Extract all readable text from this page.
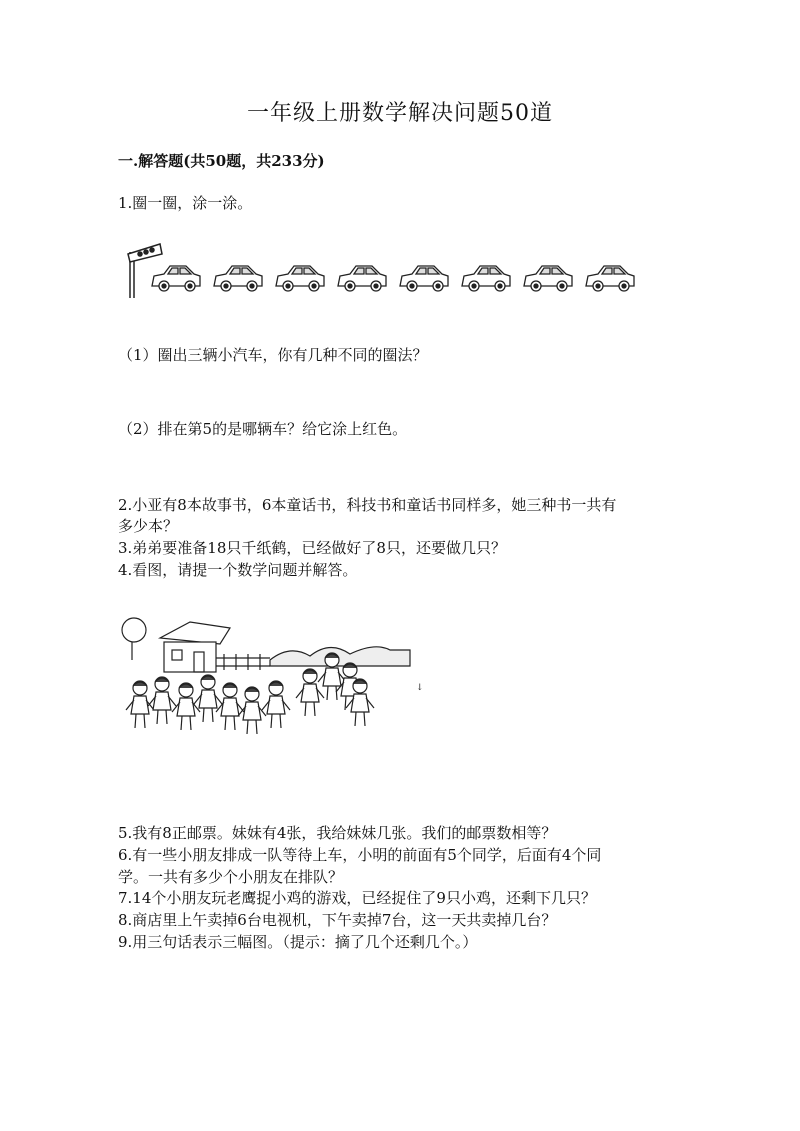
一年级上册数学解决问题50道
一.解答题(共50题，共233分)
1.圈一圈，涂一涂。
（1）圈出三辆小汽车，你有几种不同的圈法？
（2）排在第5的是哪辆车？给它涂上红色。
2.小亚有8本故事书，6本童话书，科技书和童话书同样多，她三种书一共有
多少本？
3.弟弟要准备18只千纸鹤，已经做好了8只，还要做几只？
4.看图，请提一个数学问题并解答。
↓
5.我有8正邮票。妹妹有4张，我给妹妹几张。我们的邮票数相等？
6.有一些小朋友排成一队等待上车，小明的前面有5个同学，后面有4个同
学。一共有多少个小朋友在排队？
7.14个小朋友玩老鹰捉小鸡的游戏，已经捉住了9只小鸡，还剩下几只？
8.商店里上午卖掉6台电视机，下午卖掉7台，这一天共卖掉几台？
9.用三句话表示三幅图。（提示：摘了几个还剩几个。）
